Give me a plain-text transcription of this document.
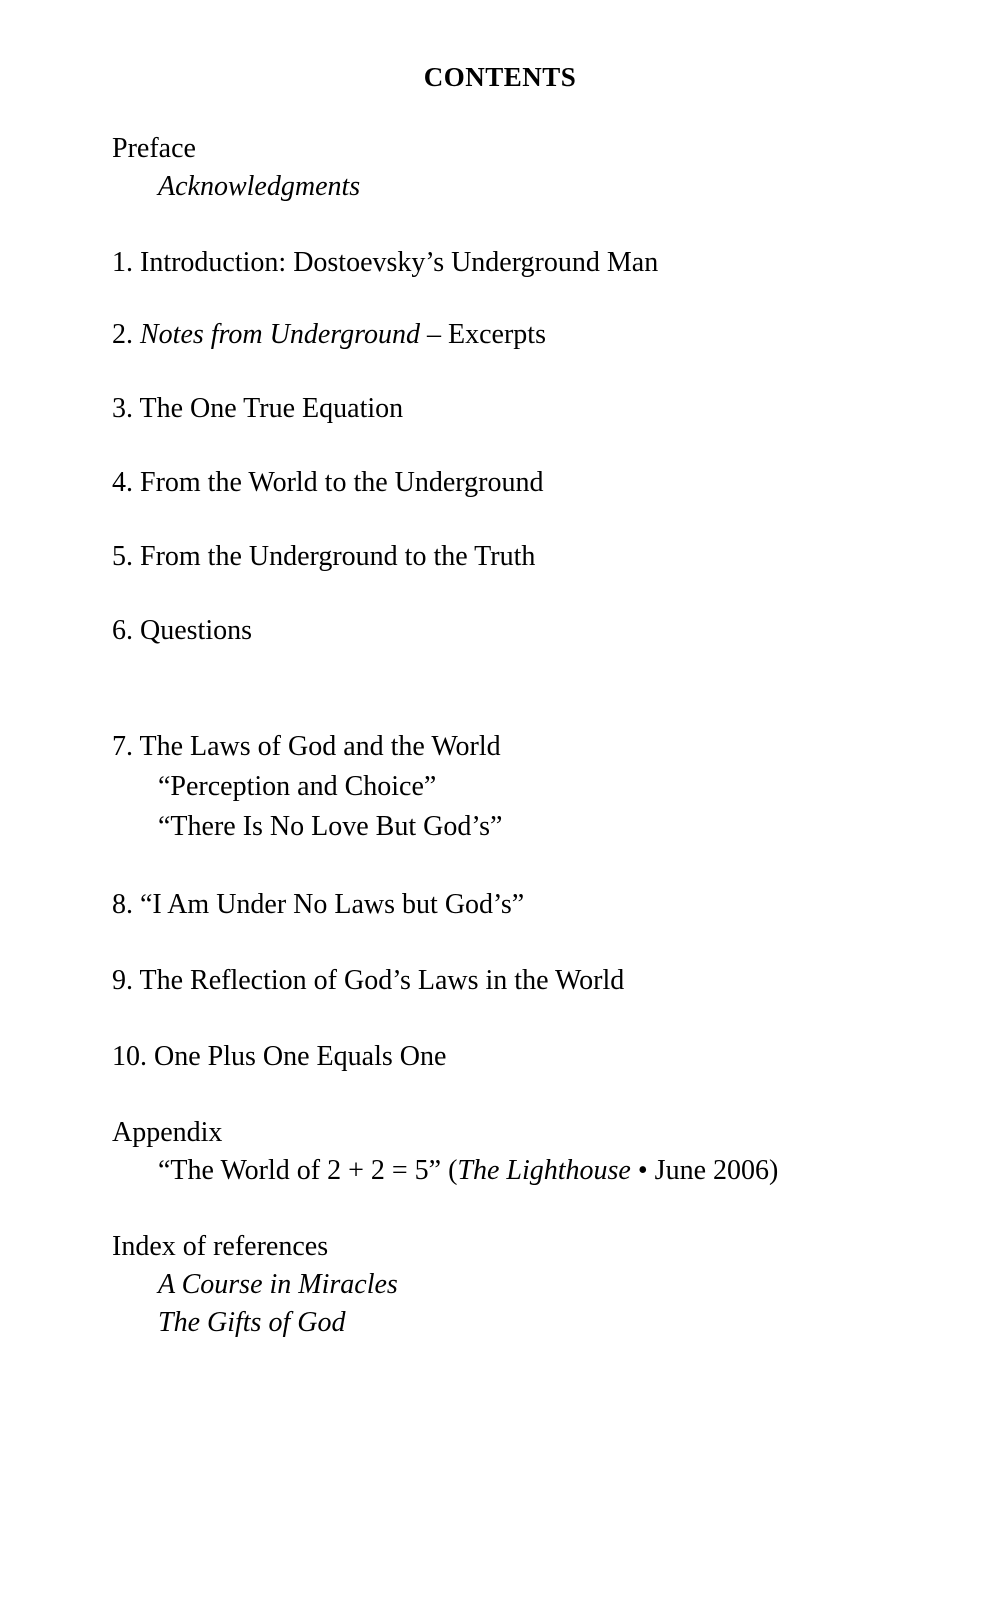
CONTENTS
Preface
Acknowledgments
1. Introduction: Dostoevsky’s Underground Man
2. Notes from Underground – Excerpts
3. The One True Equation
4. From the World to the Underground
5. From the Underground to the Truth
6. Questions
7. The Laws of God and the World
“Perception and Choice”
“There Is No Love But God’s”
8. “I Am Under No Laws but God’s”
9. The Reflection of God’s Laws in the World
10. One Plus One Equals One
Appendix
“The World of 2 + 2 = 5” (The Lighthouse • June 2006)
Index of references
A Course in Miracles
The Gifts of God
